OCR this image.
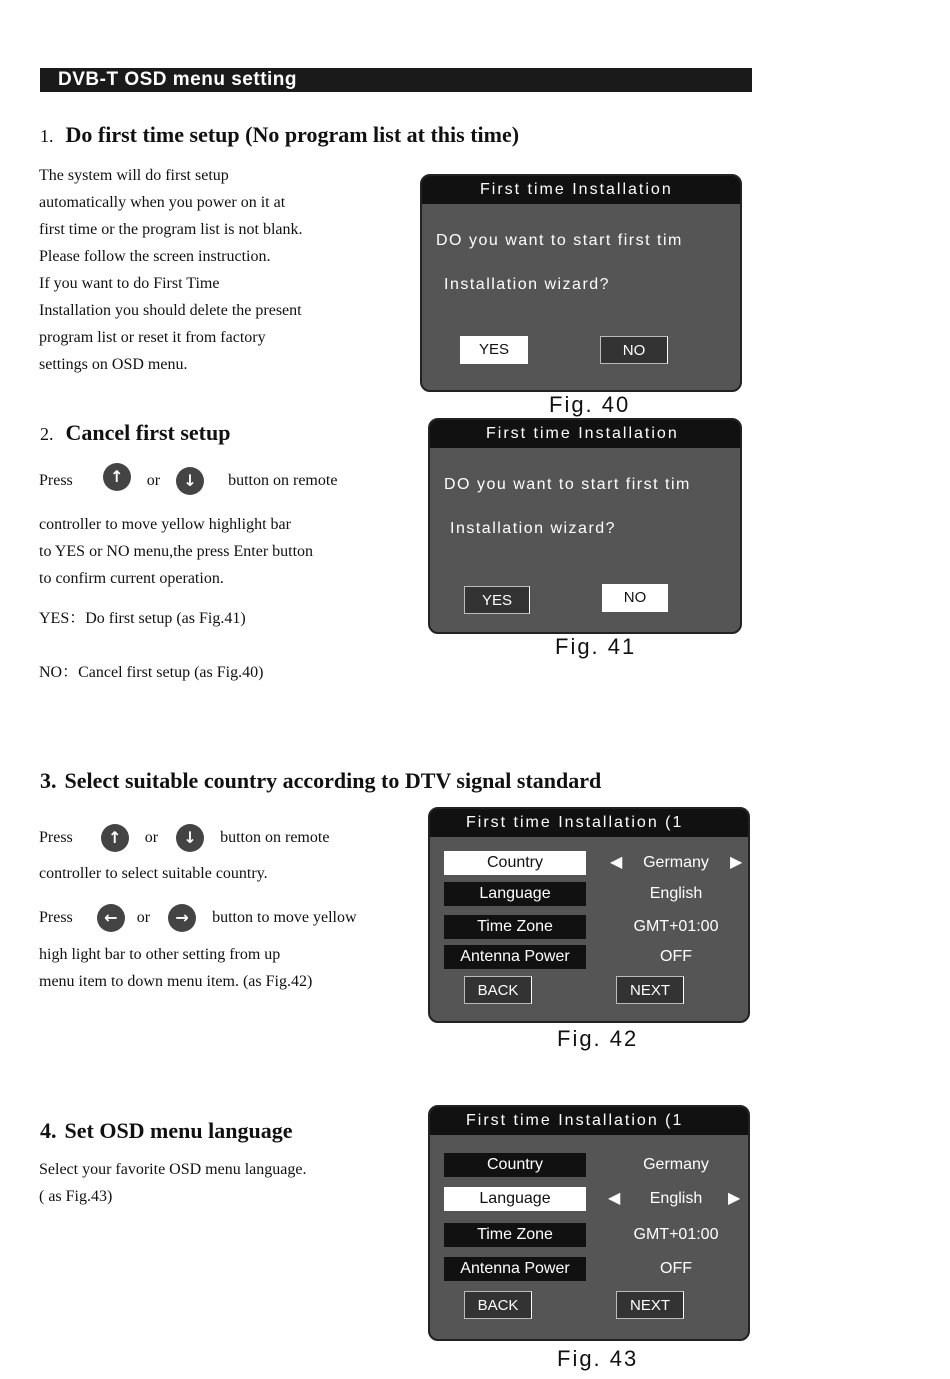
DVB-T OSD menu setting
1. Do first time setup (No program list at this time)
The system will do first setup
automatically when you power on it at
first time or the program list is not blank.
Please follow the screen instruction.
If you want to do First Time
Installation you should delete the present
program list or reset it from factory
settings on OSD menu.
First time Installation
DO you want to start first tim
Installation wizard?
YES	NO
Fig. 40
2. Cancel first setup
Press ↑ or ↓ button on remote
controller to move yellow highlight bar
to YES or NO menu,the press Enter button
to confirm current operation.
YES：Do first setup (as Fig.41)
NO：Cancel first setup (as Fig.40)
First time Installation
DO you want to start first tim
Installation wizard?
YES	NO
Fig. 41
3. Select suitable country according to DTV signal standard
Press ↑ or ↓ button on remote
controller to select suitable country.
Press ← or → button to move yellow
high light bar to other setting from up
menu item to down menu item. (as Fig.42)
First time Installation (1
Country	◀	Germany	▶
Language	English
Time Zone	GMT+01:00
Antenna Power	OFF
BACK	NEXT
Fig. 42
4. Set OSD menu language
Select your favorite OSD menu language.
( as Fig.43)
First time Installation (1
Country	Germany
Language	◀	English	▶
Time Zone	GMT+01:00
Antenna Power	OFF
BACK	NEXT
Fig. 43
